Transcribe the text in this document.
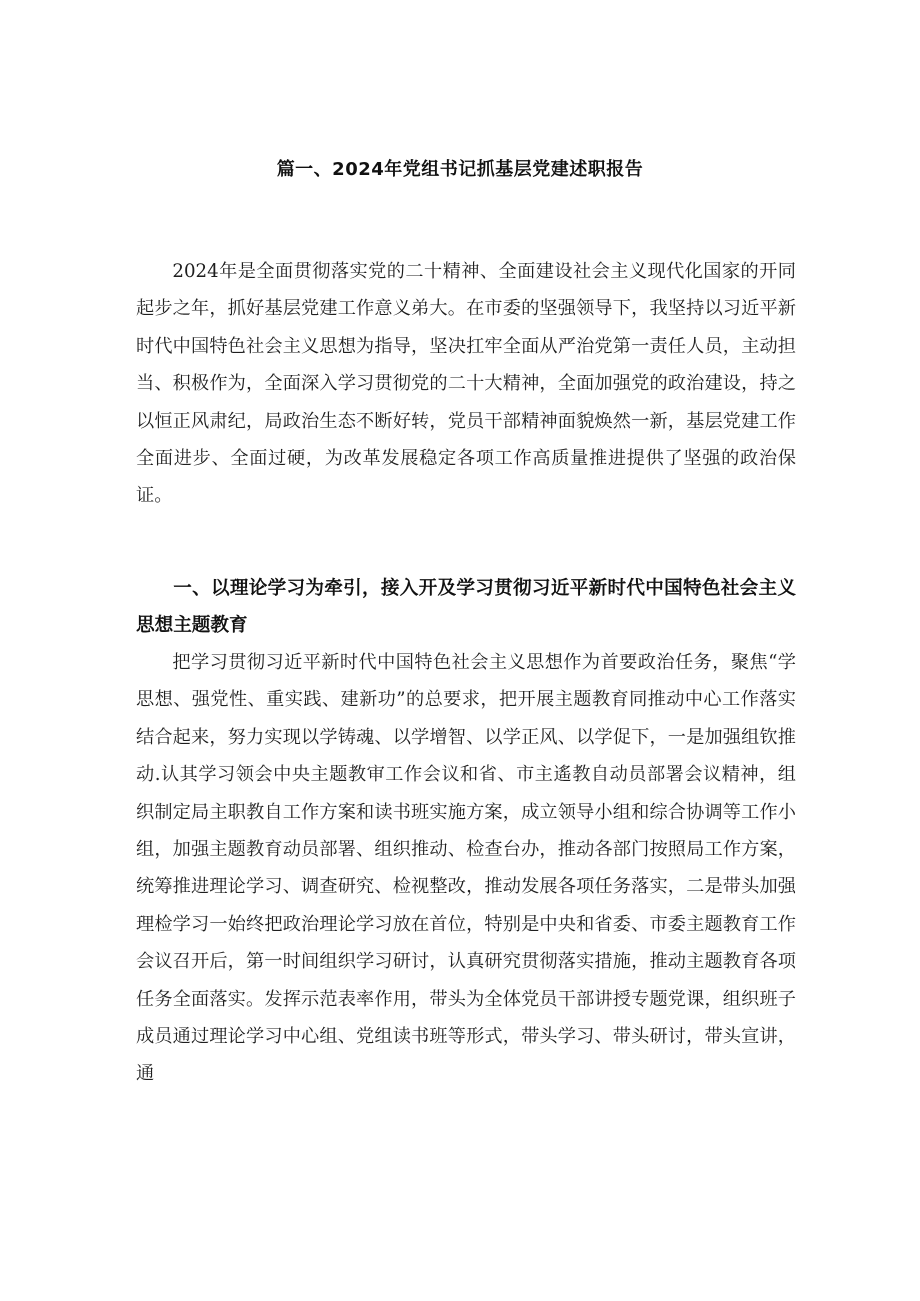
篇一、2024年党组书记抓基层党建述职报告

2024年是全面贯彻落实党的二十精神、全面建设社会主义现代化国家的开同起步之年，抓好基层党建工作意义弟大。在市委的坚强领导下，我坚持以习近平新时代中国特色社会主义思想为指导，坚决扛牢全面从严治党第一责任人员，主动担当、积极作为，全面深入学习贯彻党的二十大精神，全面加强党的政治建设，持之以恒正风肃纪，局政治生态不断好转，党员干部精神面貌焕然一新，基层党建工作全面进步、全面过硬，为改革发展稳定各项工作高质量推进提供了坚强的政治保证。

一、以理论学习为牵引，接入开及学习贯彻习近平新时代中国特色社会主义思想主题教育

把学习贯彻习近平新时代中国特色社会主义思想作为首要政治任务，聚焦“学思想、强党性、重实践、建新功”的总要求，把开展主题教育同推动中心工作落实结合起来，努力实现以学铸魂、以学增智、以学正风、以学促下，一是加强组钦推动.认其学习领会中央主题教审工作会议和省、市主遙教自动员部署会议精神，组织制定局主职教自工作方案和读书班实施方案，成立领导小组和综合协调等工作小组，加强主题教育动员部署、组织推动、检查台办，推动各部门按照局工作方案，统筹推进理论学习、调查研究、检视整改，推动发展各项任务落实，二是带头加强理检学习一始终把政治理论学习放在首位，特别是中央和省委、市委主题教育工作会议召开后，第一时间组织学习研讨，认真研究贯彻落实措施，推动主题教育各项任务全面落实。发挥示范表率作用，带头为全体党员干部讲授专题党课，组织班子成员通过理论学习中心组、党组读书班等形式，带头学习、带头研讨，带头宣讲，通
